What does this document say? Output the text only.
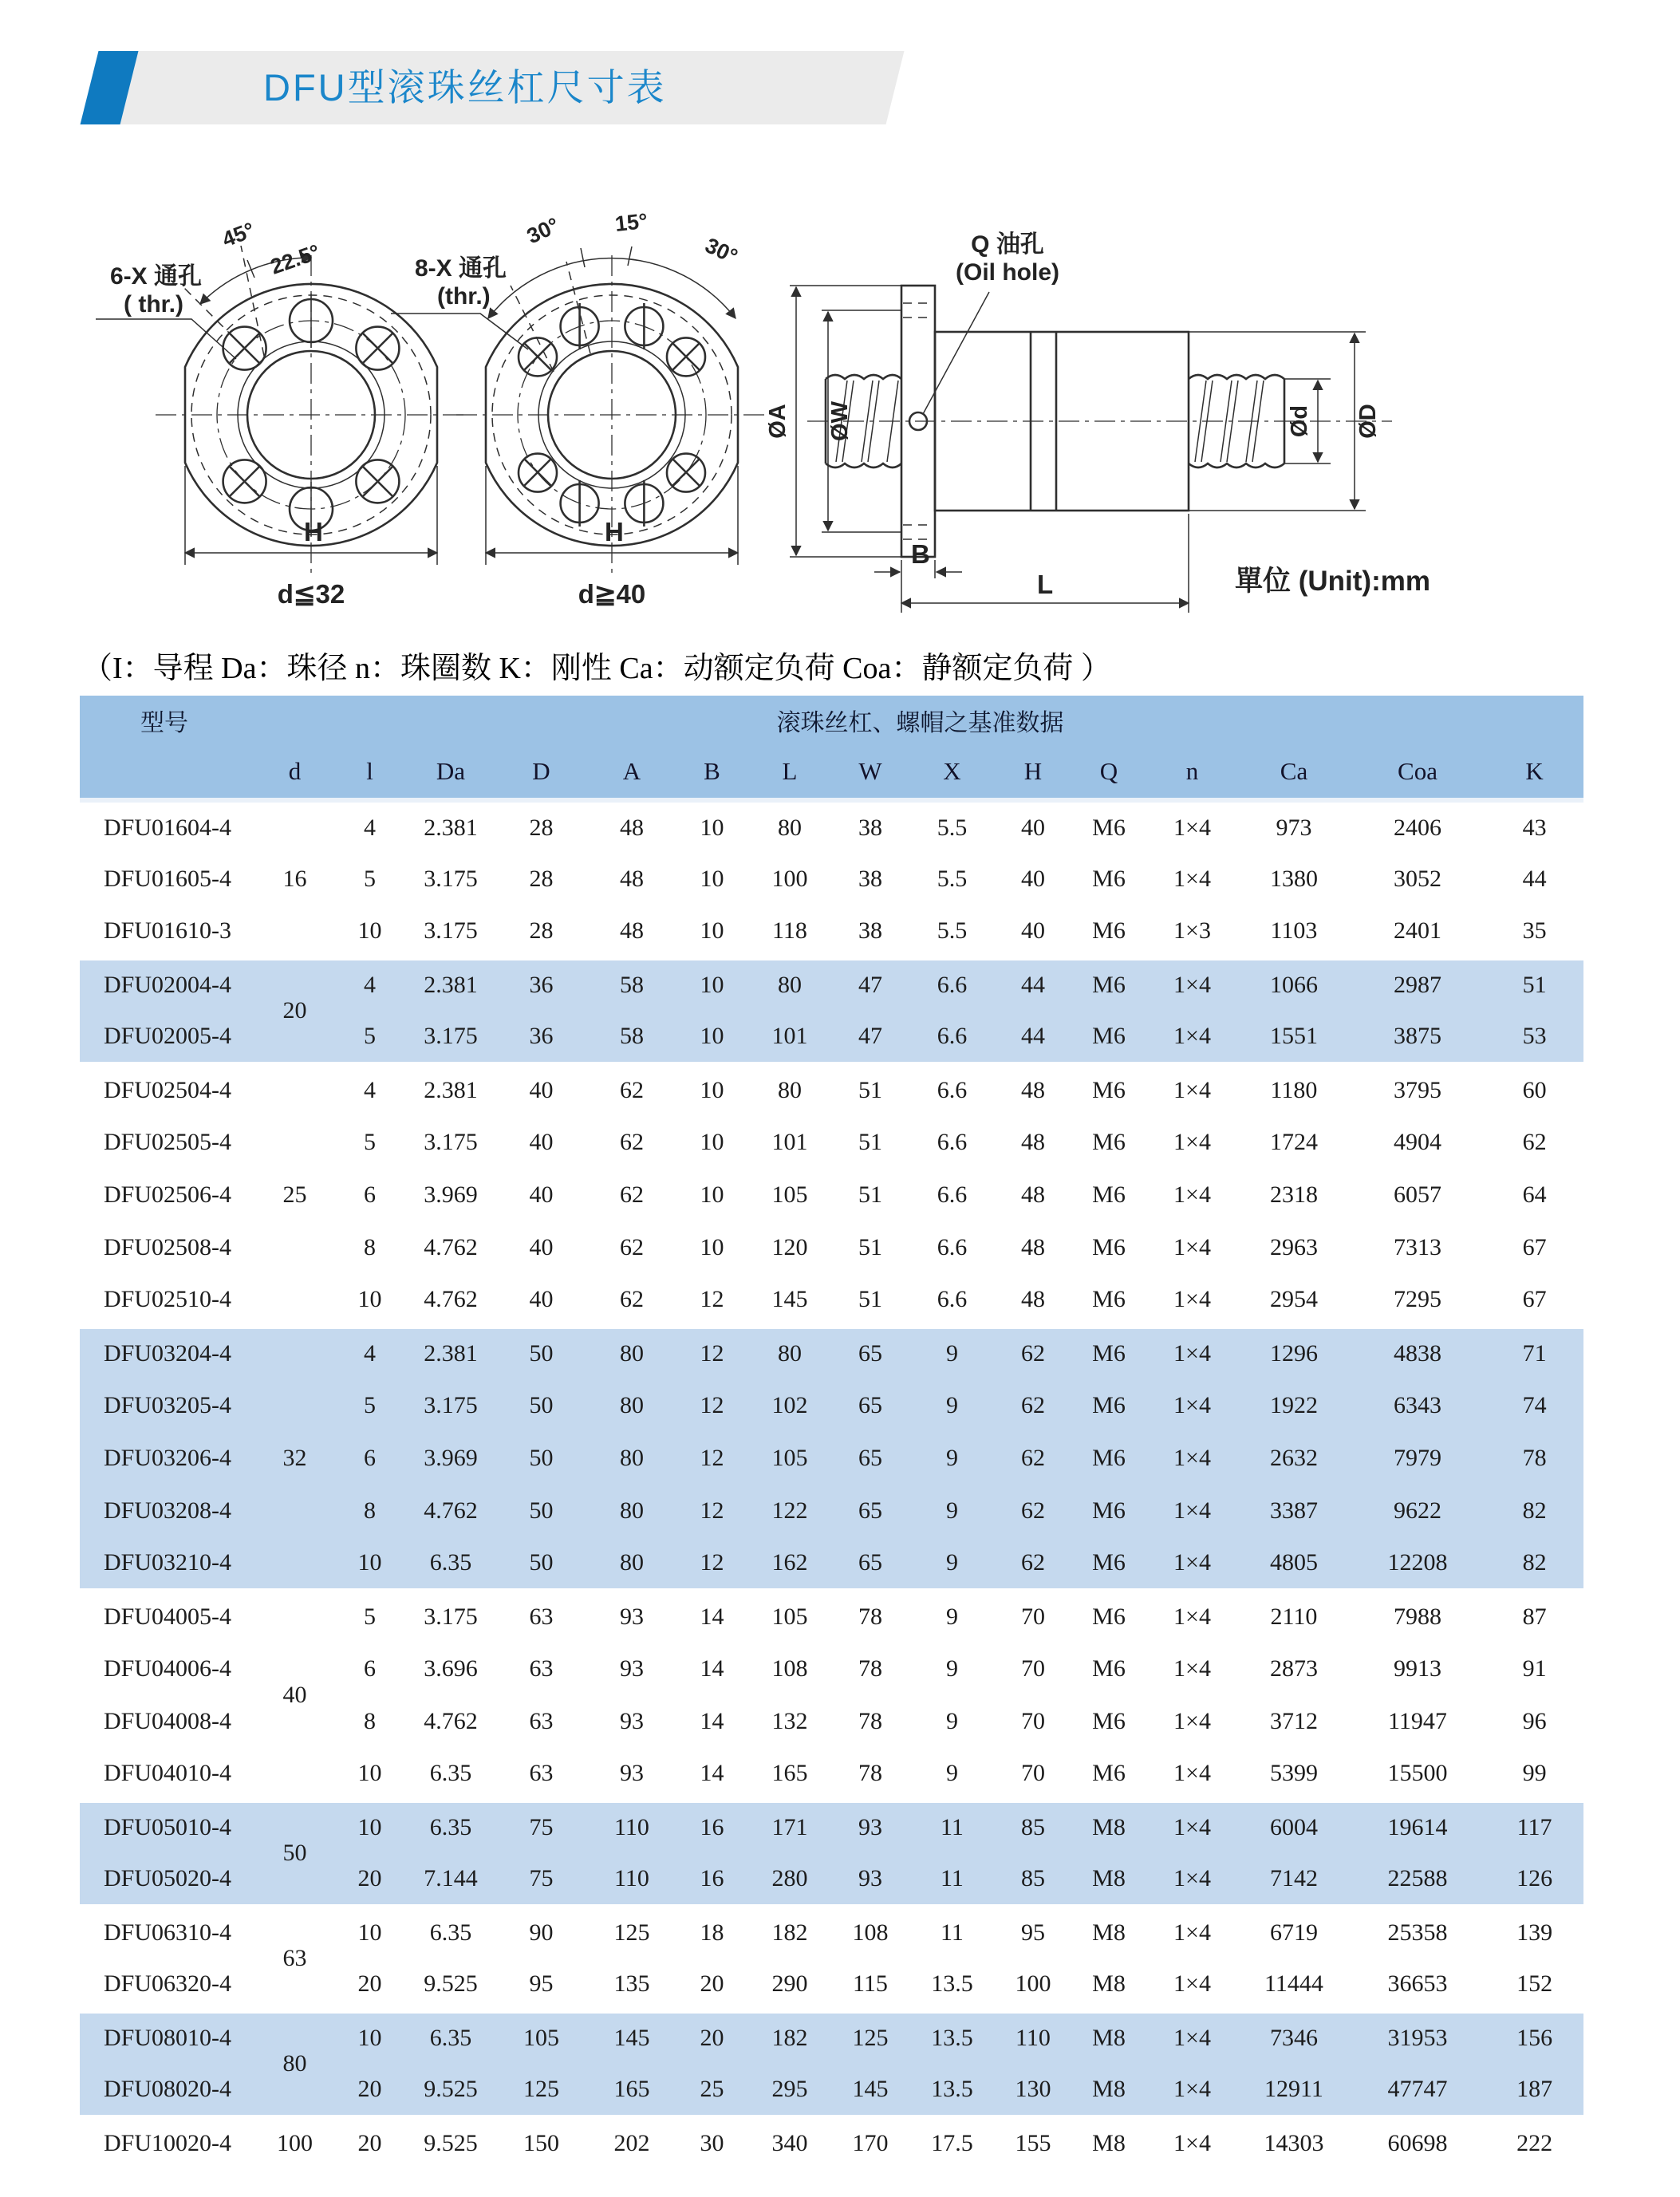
DFU型滚珠丝杠尺寸表
45°
22.5°
6-X 通孔
( thr.)
H
d≦32
30° 15°
30°
8-X 通孔
(thr.)
H
d≧40
Q 油孔
(Oil hole)
ØA ØW	Ød ØD
B
L	單位 (Unit):mm
（I：导程 Da：珠径 n：珠圈数 K：刚性 Ca：动额定负荷 Coa：静额定负荷 ）
型号	滚珠丝杠、螺帽之基准数据														
	d	l	Da	D	A	B	L	W	X	H	Q	n	Ca	Coa	K
DFU01604-4	16	4	2.381	28	48	10	80	38	5.5	40	M6	1×4	973	2406	43
DFU01605-4		5	3.175	28	48	10	100	38	5.5	40	M6	1×4	1380	3052	44
DFU01610-3		10	3.175	28	48	10	118	38	5.5	40	M6	1×3	1103	2401	35
DFU02004-4	20	4	2.381	36	58	10	80	47	6.6	44	M6	1×4	1066	2987	51
DFU02005-4		5	3.175	36	58	10	101	47	6.6	44	M6	1×4	1551	3875	53
DFU02504-4	25	4	2.381	40	62	10	80	51	6.6	48	M6	1×4	1180	3795	60
DFU02505-4		5	3.175	40	62	10	101	51	6.6	48	M6	1×4	1724	4904	62
DFU02506-4		6	3.969	40	62	10	105	51	6.6	48	M6	1×4	2318	6057	64
DFU02508-4		8	4.762	40	62	10	120	51	6.6	48	M6	1×4	2963	7313	67
DFU02510-4		10	4.762	40	62	12	145	51	6.6	48	M6	1×4	2954	7295	67
DFU03204-4	32	4	2.381	50	80	12	80	65	9	62	M6	1×4	1296	4838	71
DFU03205-4		5	3.175	50	80	12	102	65	9	62	M6	1×4	1922	6343	74
DFU03206-4		6	3.969	50	80	12	105	65	9	62	M6	1×4	2632	7979	78
DFU03208-4		8	4.762	50	80	12	122	65	9	62	M6	1×4	3387	9622	82
DFU03210-4		10	6.35	50	80	12	162	65	9	62	M6	1×4	4805	12208	82
DFU04005-4	40	5	3.175	63	93	14	105	78	9	70	M6	1×4	2110	7988	87
DFU04006-4		6	3.696	63	93	14	108	78	9	70	M6	1×4	2873	9913	91
DFU04008-4		8	4.762	63	93	14	132	78	9	70	M6	1×4	3712	11947	96
DFU04010-4		10	6.35	63	93	14	165	78	9	70	M6	1×4	5399	15500	99
DFU05010-4	50	10	6.35	75	110	16	171	93	11	85	M8	1×4	6004	19614	117
DFU05020-4		20	7.144	75	110	16	280	93	11	85	M8	1×4	7142	22588	126
DFU06310-4	63	10	6.35	90	125	18	182	108	11	95	M8	1×4	6719	25358	139
DFU06320-4		20	9.525	95	135	20	290	115	13.5	100	M8	1×4	11444	36653	152
DFU08010-4	80	10	6.35	105	145	20	182	125	13.5	110	M8	1×4	7346	31953	156
DFU08020-4		20	9.525	125	165	25	295	145	13.5	130	M8	1×4	12911	47747	187
DFU10020-4	100	20	9.525	150	202	30	340	170	17.5	155	M8	1×4	14303	60698	222
